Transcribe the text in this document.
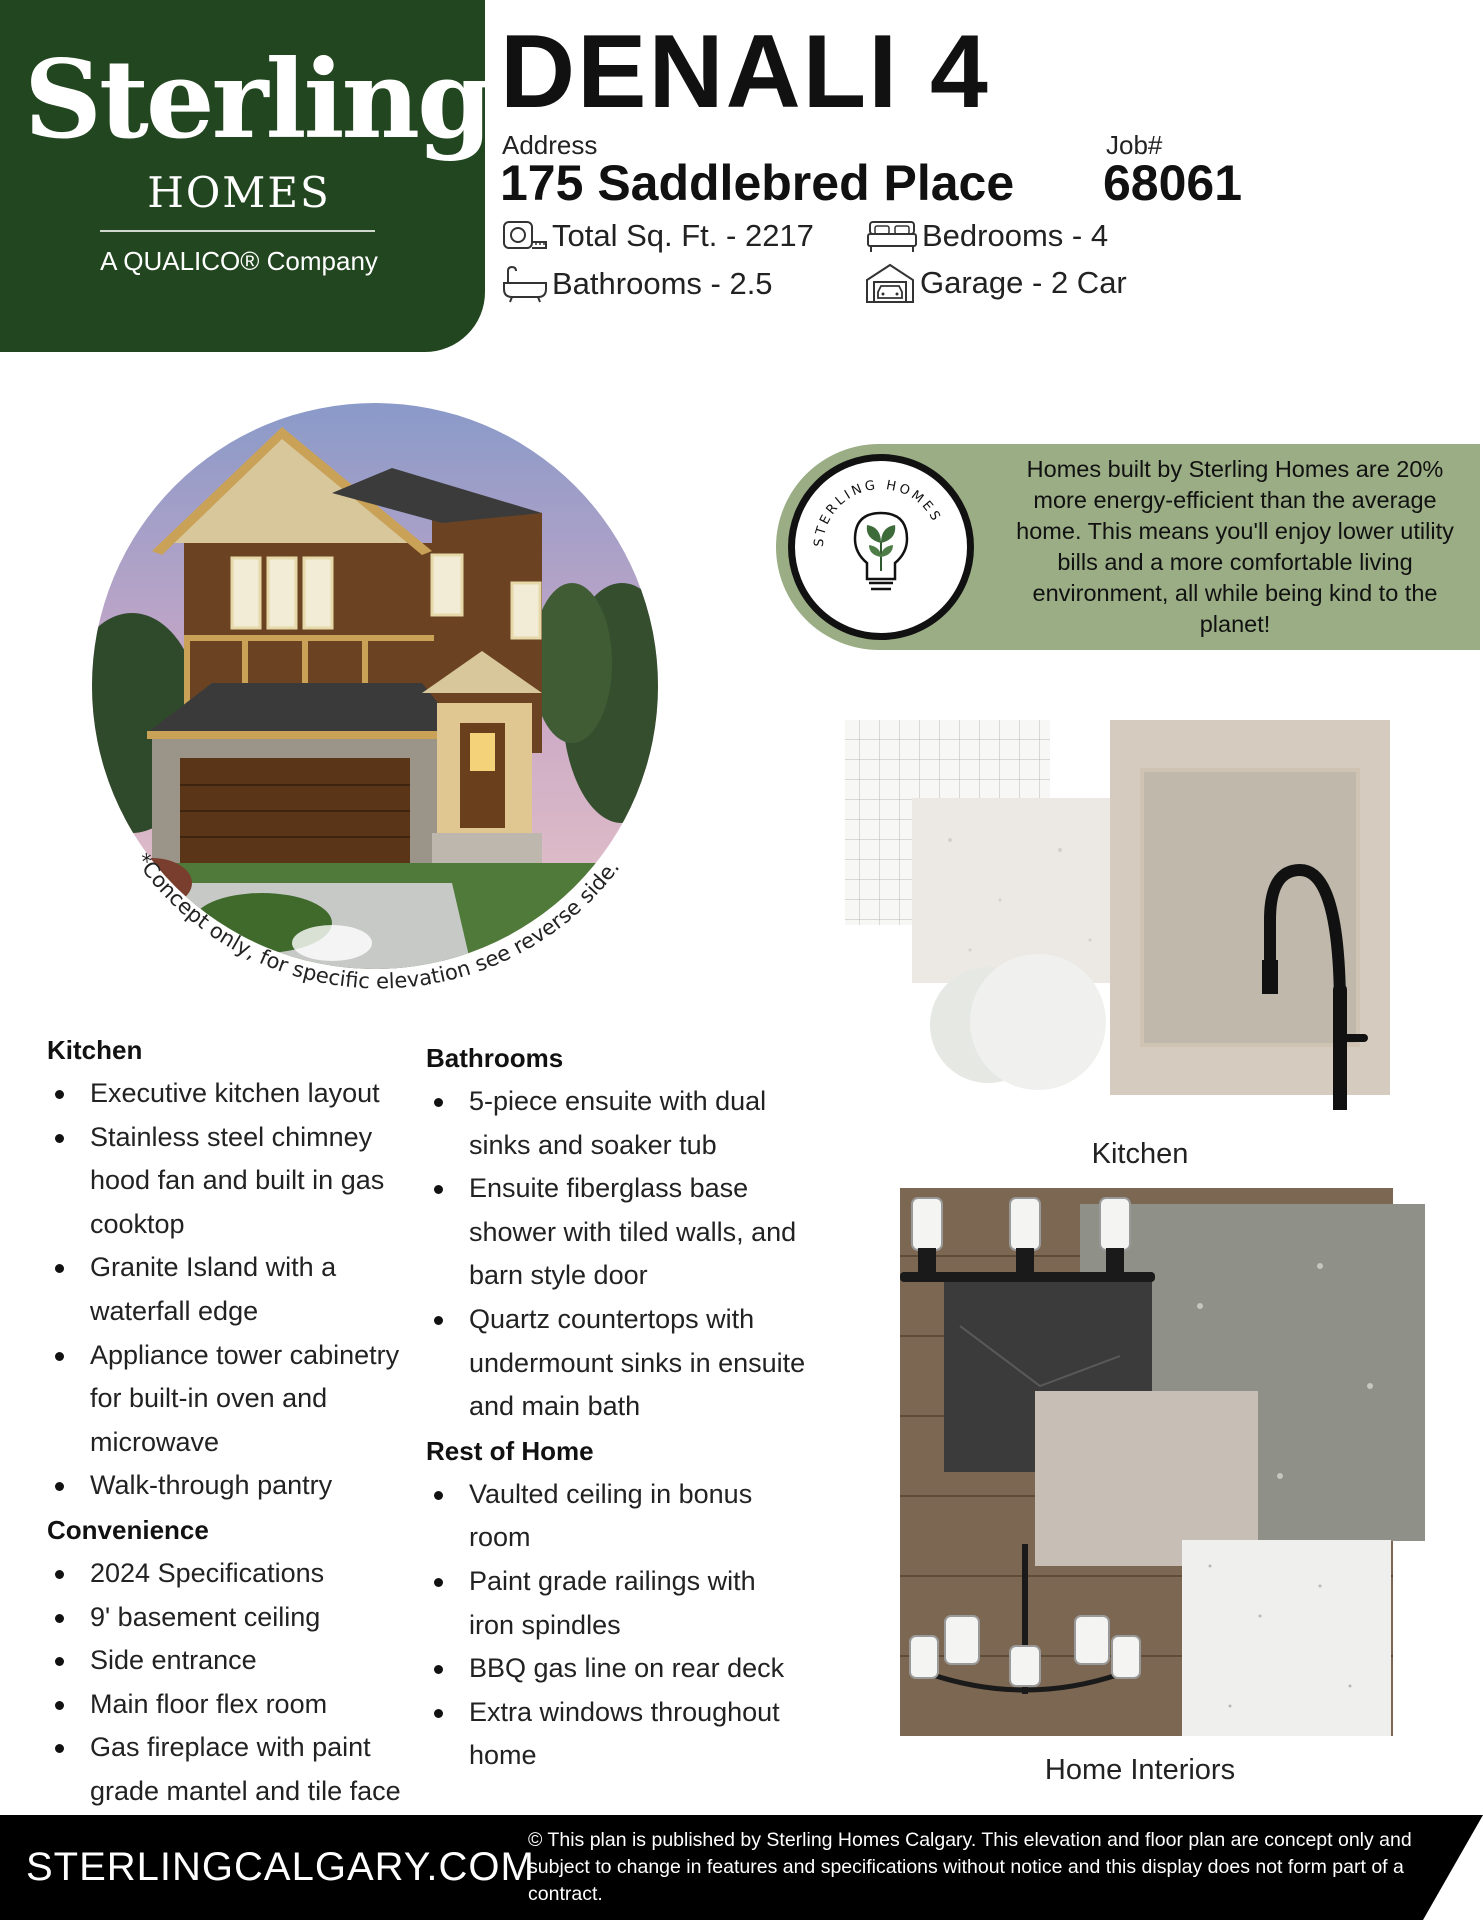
Sterling
HOMES
A QUALICO® Company
DENALI 4
Address
175 Saddlebred Place
Job#
68061
Total Sq. Ft. - 2217	Bedrooms - 4
Bathrooms - 2.5	Garage - 2 Car
*Concept only, for specific elevation see reverse side.
STERLING HOMES
Homes built by Sterling Homes are 20% more energy-efficient than the average home. This means you'll enjoy lower utility bills and a more comfortable living environment, all while being kind to the planet!
Kitchen
Executive kitchen layout
Stainless steel chimney hood fan and built in gas cooktop
Granite Island with a waterfall edge
Appliance tower cabinetry for built-in oven and microwave
Walk-through pantry
Convenience
2024 Specifications
9' basement ceiling
Side entrance
Main floor flex room
Gas fireplace with paint grade mantel and tile face
Bathrooms
5-piece ensuite with dual sinks and soaker tub
Ensuite fiberglass base shower with tiled walls, and barn style door
Quartz countertops with undermount sinks in ensuite and main bath
Rest of Home
Vaulted ceiling in bonus room
Paint grade railings with iron spindles
BBQ gas line on rear deck
Extra windows throughout home
Kitchen
Home Interiors
STERLINGCALGARY.COM
© This plan is published by Sterling Homes Calgary. This elevation and floor plan are concept only and subject to change in features and specifications without notice and this display does not form part of a contract.
